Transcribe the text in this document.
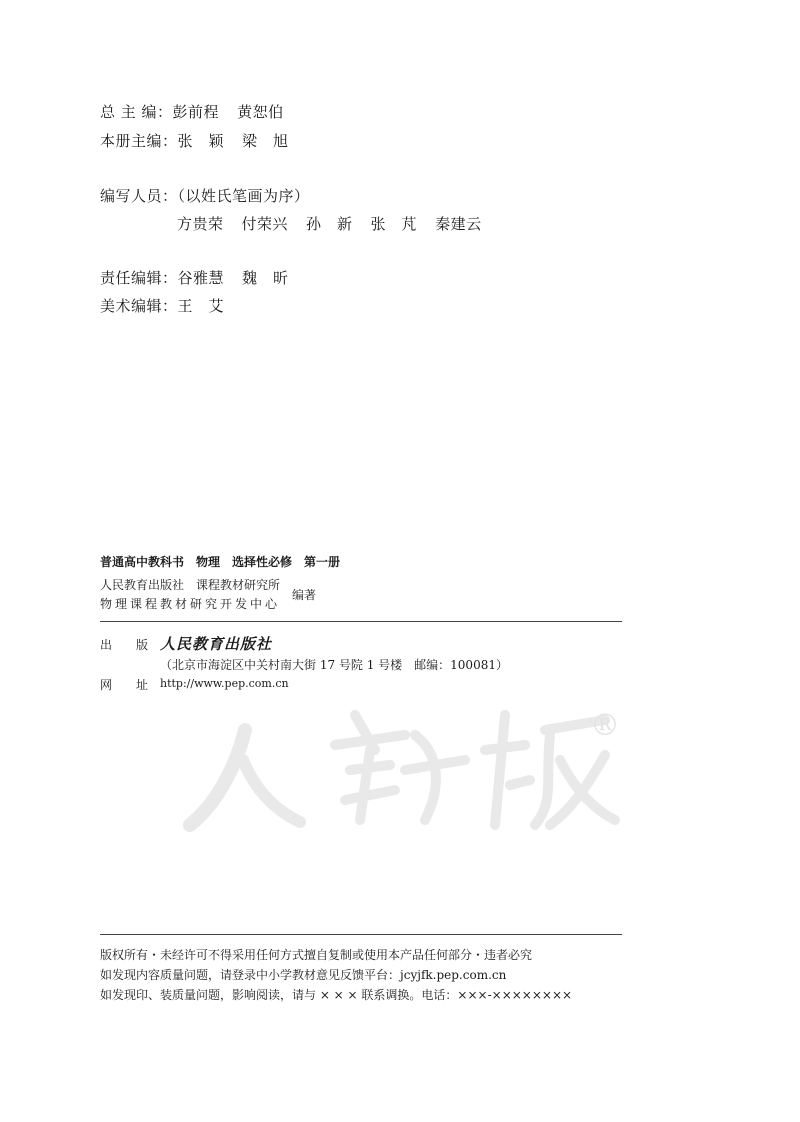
总 主 编：彭前程 黄恕伯
本册主编：张　颖 梁　旭
编写人员：（以姓氏笔画为序）
方贵荣 付荣兴 孙　新 张　芃 秦建云
责任编辑：谷雅慧 魏　昕
美术编辑：王　艾
普通高中教科书　物理　选择性必修　第一册
人民教育出版社　课程教材研究所
物理课程教材研究开发中心
编著
出　　版 人民教育出版社
（北京市海淀区中关村南大街 17 号院 1 号楼　邮编：100081）
网　　址 http://www.pep.com.cn
®
版权所有・未经许可不得采用任何方式擅自复制或使用本产品任何部分・违者必究
如发现内容质量问题，请登录中小学教材意见反馈平台：jcyjfk.pep.com.cn
如发现印、装质量问题，影响阅读，请与 × × × 联系调换。电话：×××-××××××××
